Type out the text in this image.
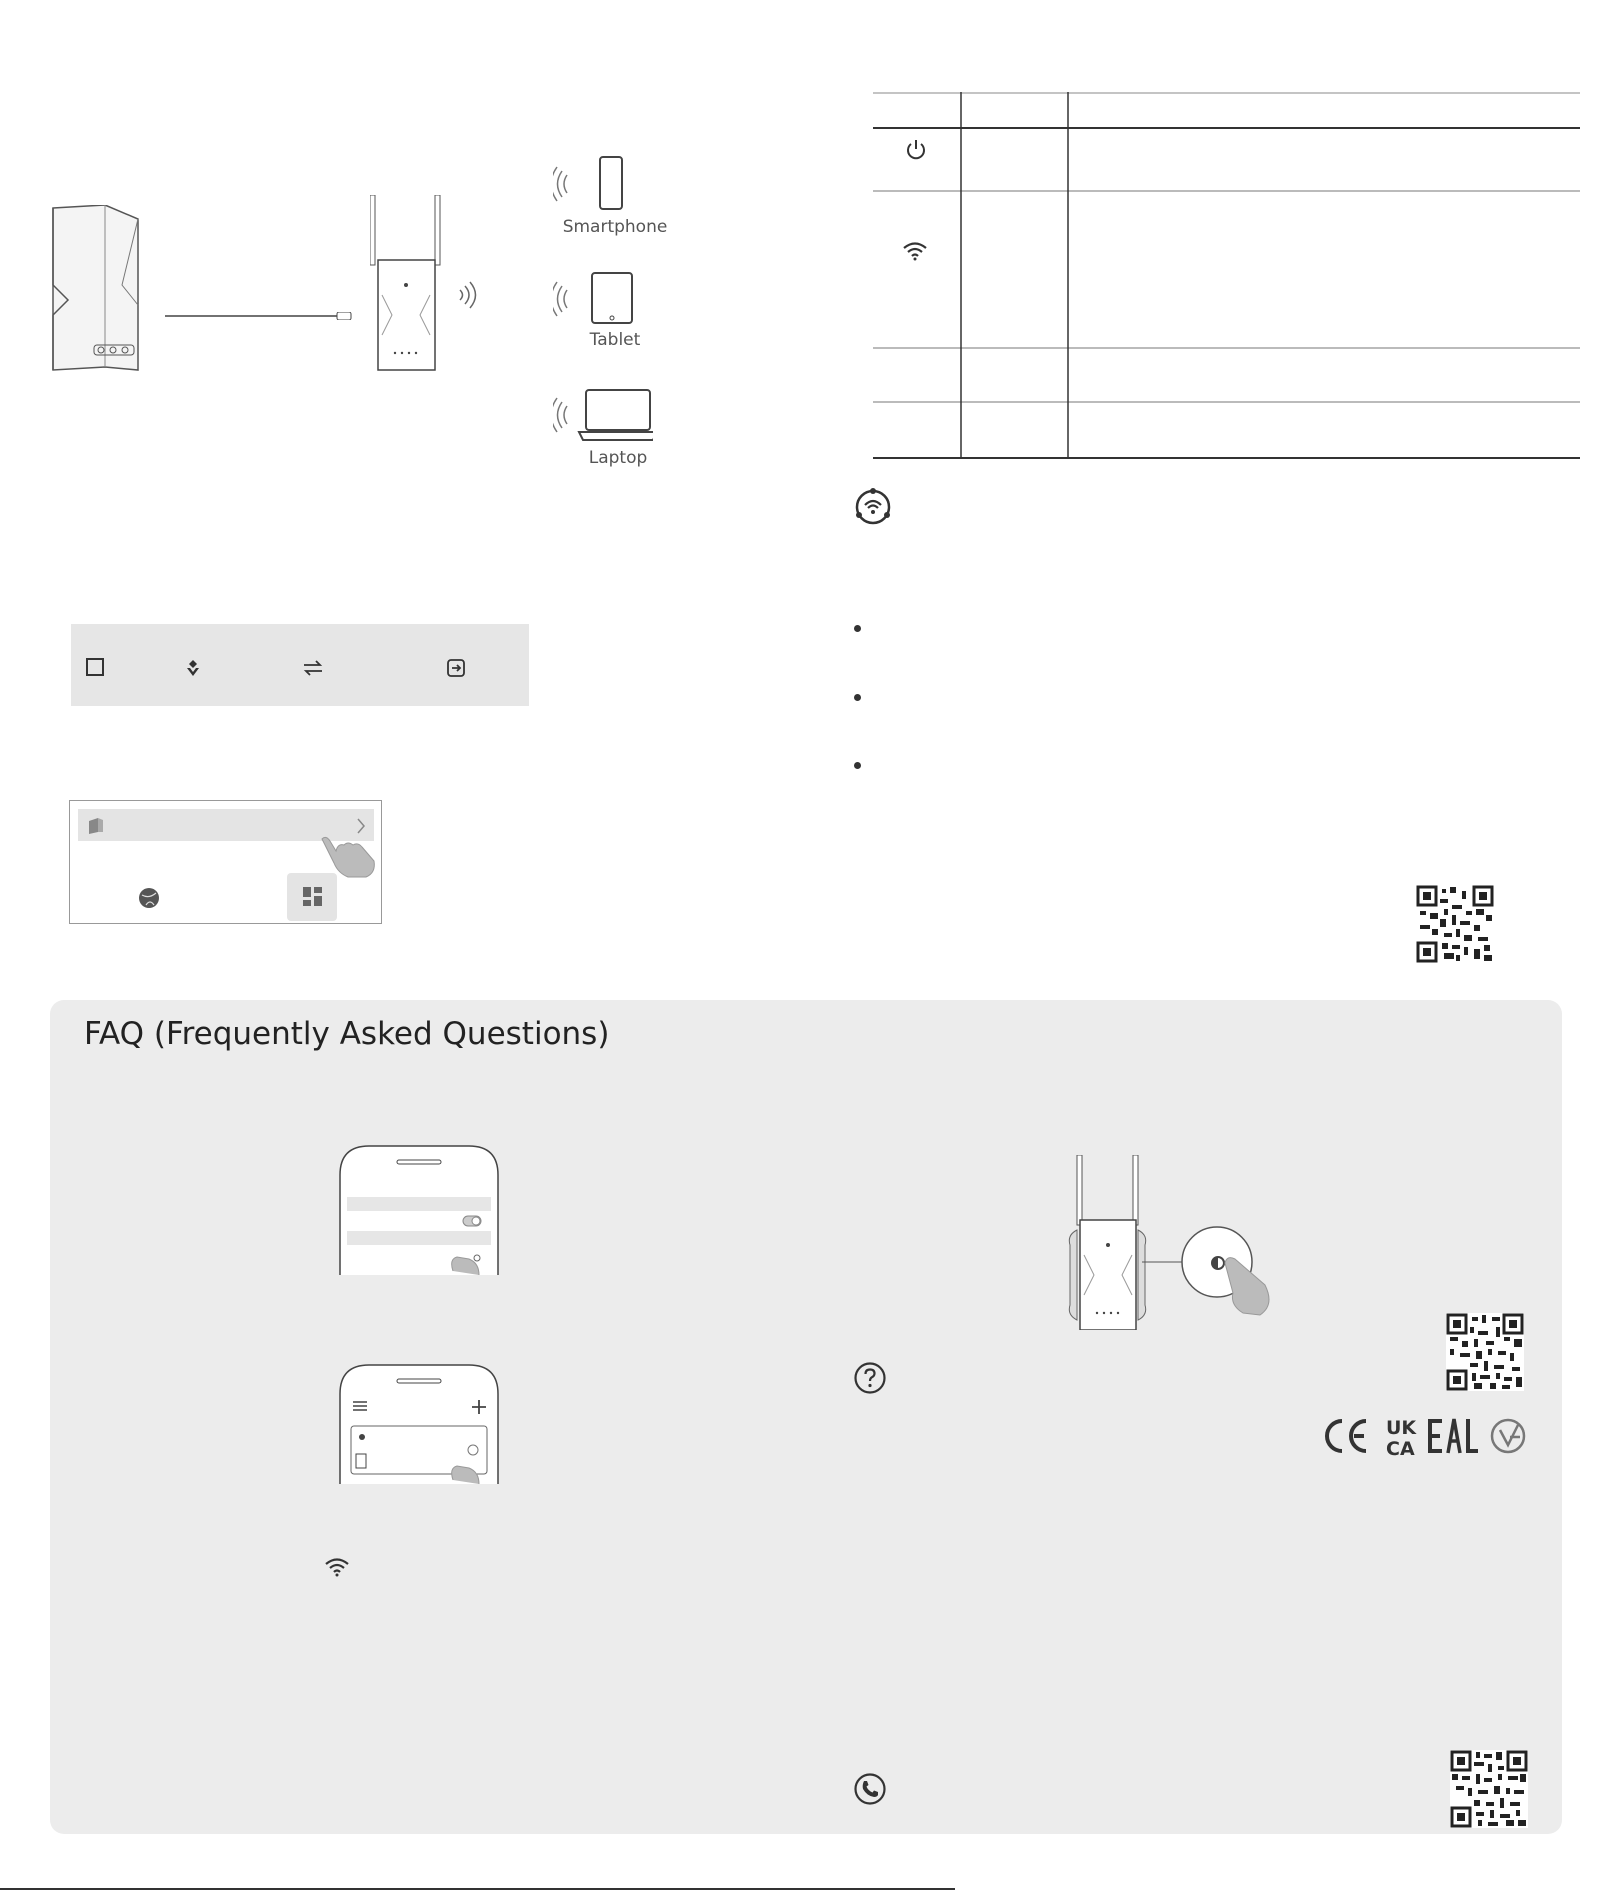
Smartphone
Tablet
Laptop
FAQ (Frequently Asked Questions)
UK
CA
